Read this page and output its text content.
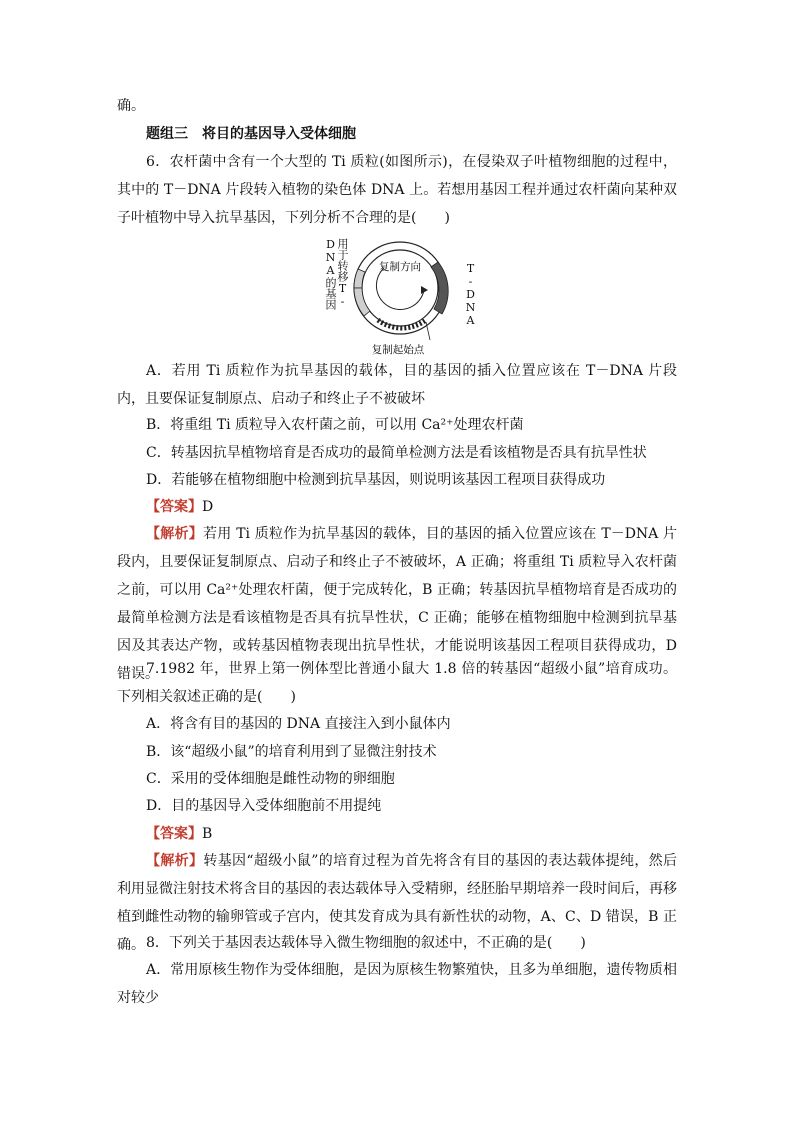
确。

题组三　将目的基因导入受体细胞

6．农杆菌中含有一个大型的 Ti 质粒(如图所示)，在侵染双子叶植物细胞的过程中，其中的 T－DNA 片段转入植物的染色体 DNA 上。若想用基因工程并通过农杆菌向某种双子叶植物中导入抗旱基因，下列分析不合理的是(　　)

复制方向
复制起始点
T-DNA
用于转移T-DNA的基因

A．若用 Ti 质粒作为抗旱基因的载体，目的基因的插入位置应该在 T－DNA 片段内，且要保证复制原点、启动子和终止子不被破坏

B．将重组 Ti 质粒导入农杆菌之前，可以用 Ca²⁺处理农杆菌

C．转基因抗旱植物培育是否成功的最简单检测方法是看该植物是否具有抗旱性状

D．若能够在植物细胞中检测到抗旱基因，则说明该基因工程项目获得成功

【答案】D

【解析】若用 Ti 质粒作为抗旱基因的载体，目的基因的插入位置应该在 T－DNA 片段内，且要保证复制原点、启动子和终止子不被破坏，A 正确；将重组 Ti 质粒导入农杆菌之前，可以用 Ca²⁺处理农杆菌，便于完成转化，B 正确；转基因抗旱植物培育是否成功的最简单检测方法是看该植物是否具有抗旱性状，C 正确；能够在植物细胞中检测到抗旱基因及其表达产物，或转基因植物表现出抗旱性状，才能说明该基因工程项目获得成功，D 错误。

7.1982 年，世界上第一例体型比普通小鼠大 1.8 倍的转基因“超级小鼠”培育成功。下列相关叙述正确的是(　　)

A．将含有目的基因的 DNA 直接注入到小鼠体内

B．该“超级小鼠”的培育利用到了显微注射技术

C．采用的受体细胞是雌性动物的卵细胞

D．目的基因导入受体细胞前不用提纯

【答案】B

【解析】转基因“超级小鼠”的培育过程为首先将含有目的基因的表达载体提纯，然后利用显微注射技术将含目的基因的表达载体导入受精卵，经胚胎早期培养一段时间后，再移植到雌性动物的输卵管或子宫内，使其发育成为具有新性状的动物，A、C、D 错误，B 正确。 8．下列关于基因表达载体导入微生物细胞的叙述中，不正确的是(　　)

A．常用原核生物作为受体细胞，是因为原核生物繁殖快，且多为单细胞，遗传物质相对较少
